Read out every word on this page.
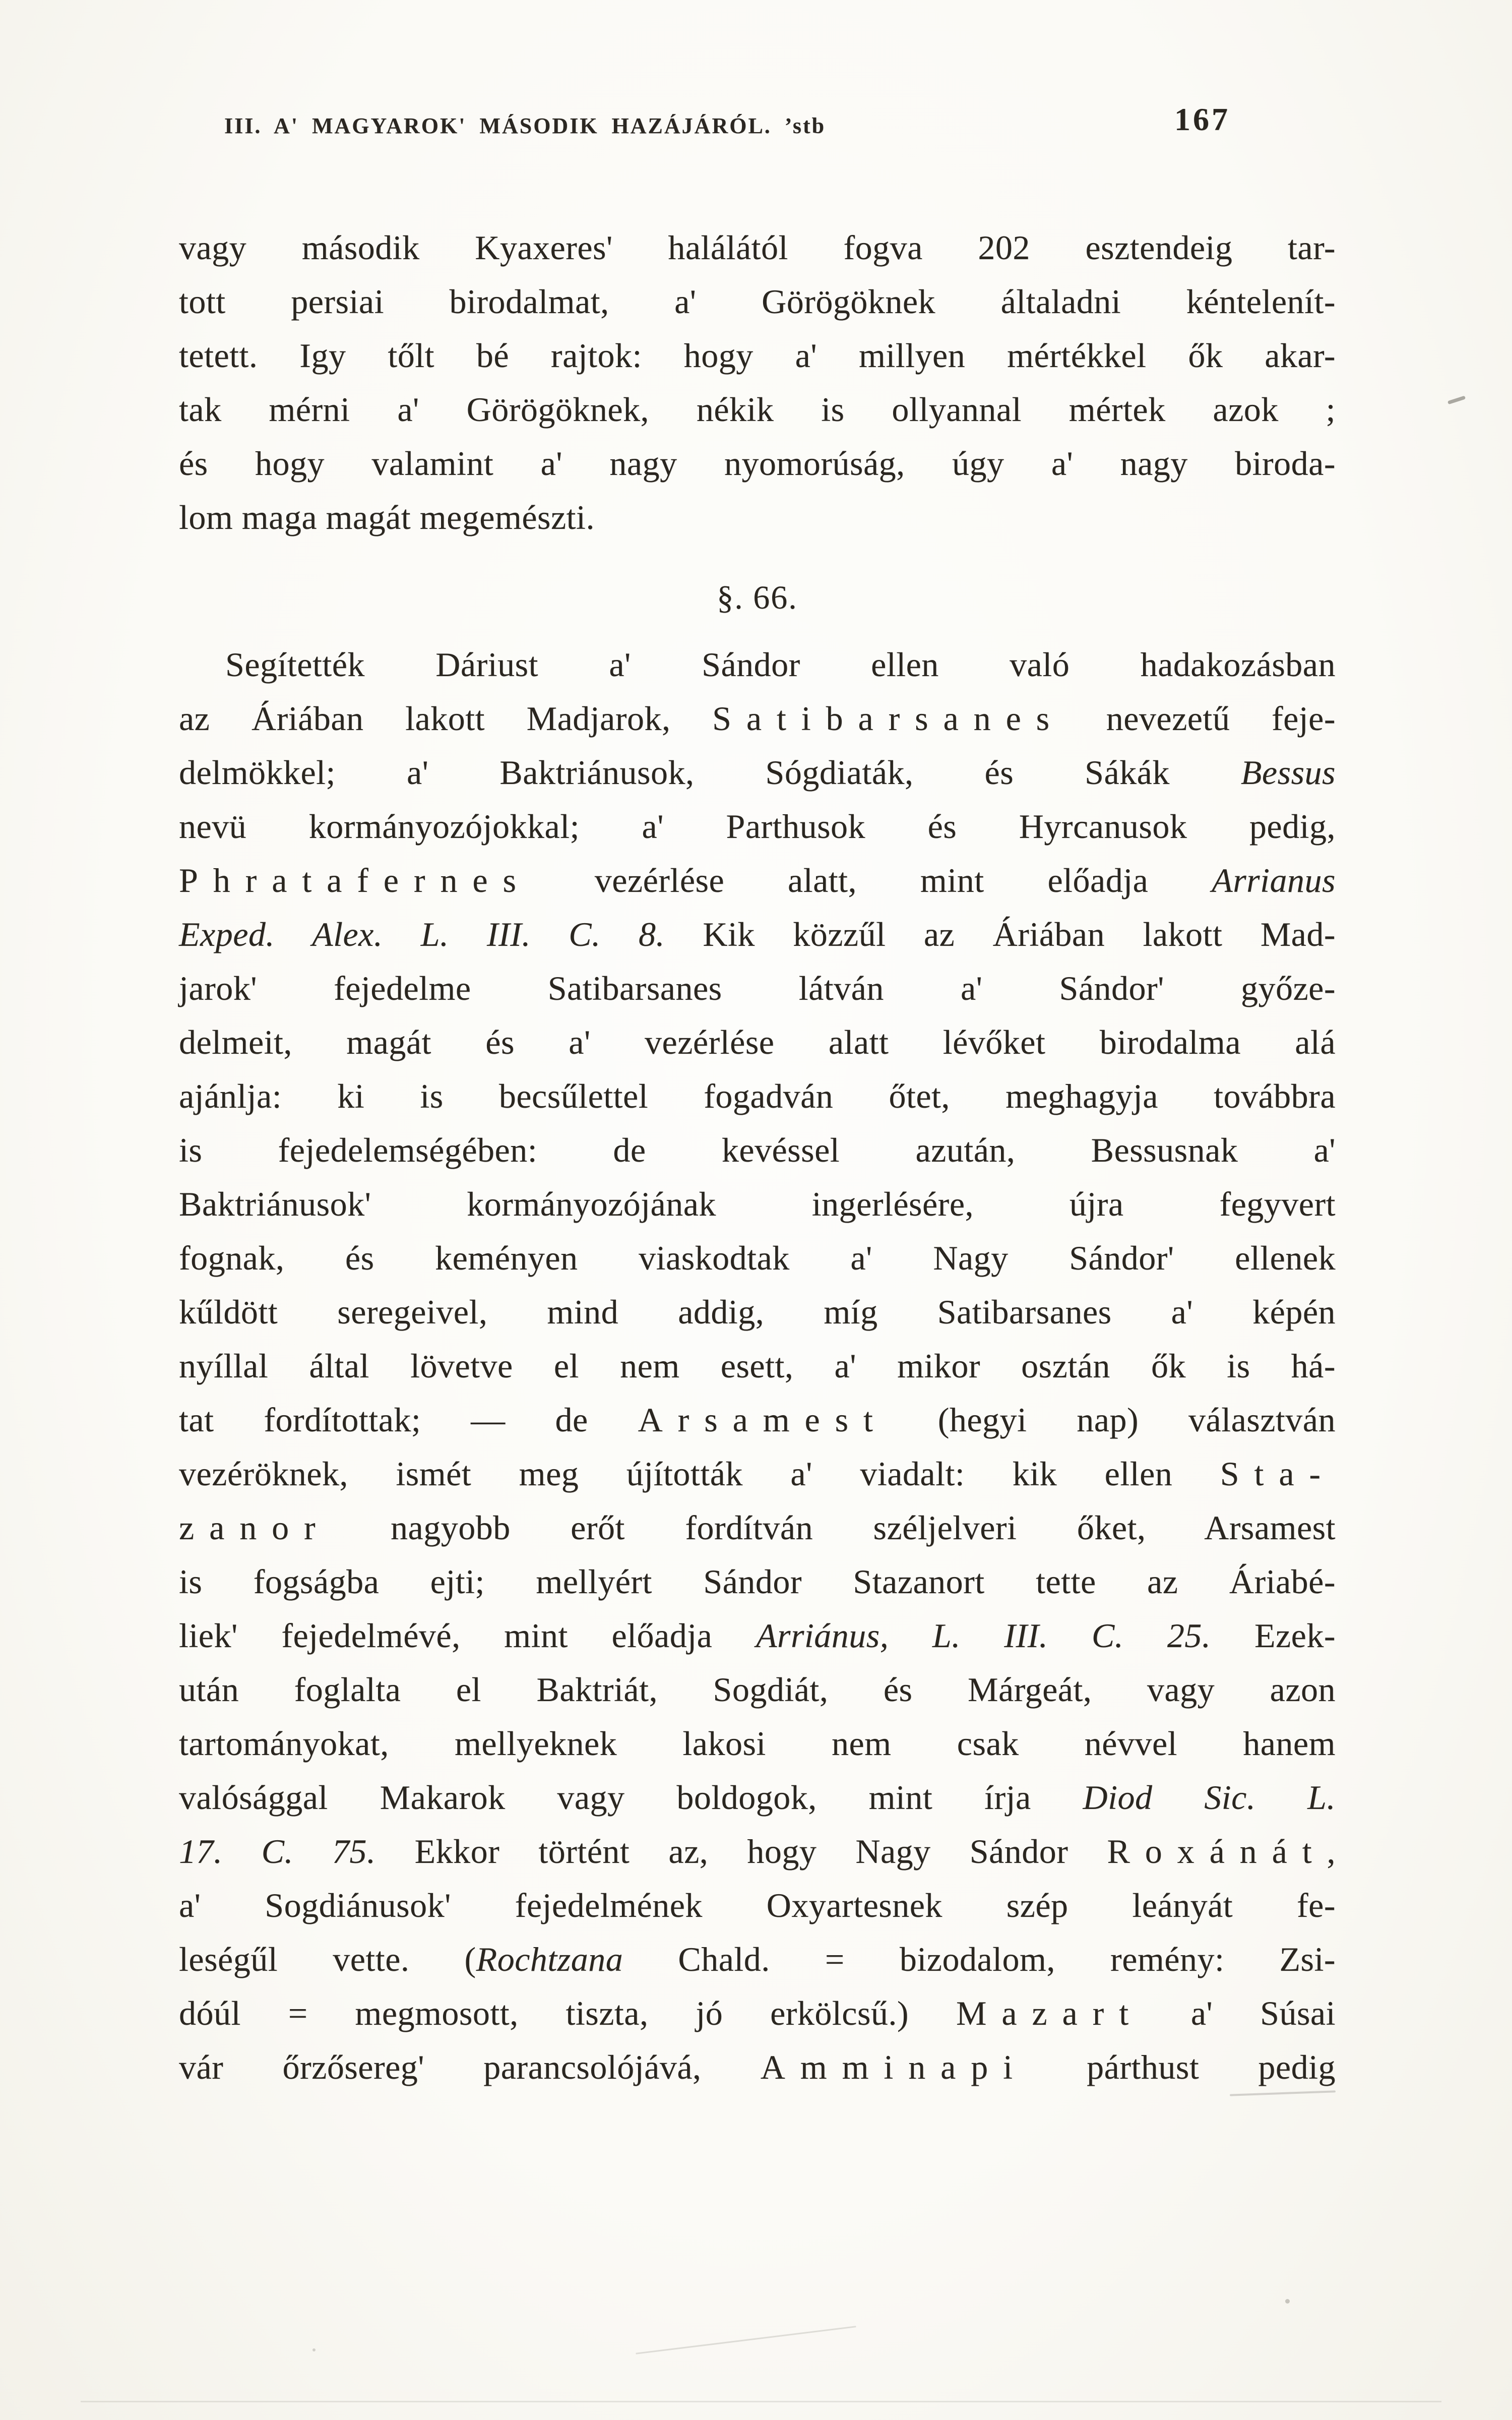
III. A' MAGYAROK' MÁSODIK HAZÁJÁRÓL. ’stb	167
vagy második Kyaxeres' halálától fogva 202 esztendeig tar-
tott persiai birodalmat, a' Görögöknek általadni kéntelenít-
tetett. Igy tőlt bé rajtok: hogy a' millyen mértékkel ők akar-
tak mérni a' Görögöknek, nékik is ollyannal mértek azok ;
és hogy valamint a' nagy nyomorúság, úgy a' nagy biroda-
lom maga magát megemészti.
§. 66.
Segítették Dáriust a' Sándor ellen való hadakozásban
az Áriában lakott Madjarok, Satibarsanes nevezetű feje-
delmökkel; a' Baktriánusok, Sógdiaták, és Sákák Bessus
nevü kormányozójokkal; a' Parthusok és Hyrcanusok pedig,
Phratafernes vezérlése alatt, mint előadja Arrianus
Exped. Alex. L. III. C. 8. Kik közzűl az Áriában lakott Mad-
jarok' fejedelme Satibarsanes látván a' Sándor' győze-
delmeit, magát és a' vezérlése alatt lévőket birodalma alá
ajánlja: ki is becsűlettel fogadván őtet, meghagyja továbbra
is fejedelemségében: de kevéssel azután, Bessusnak a'
Baktriánusok' kormányozójának ingerlésére, újra fegyvert
fognak, és keményen viaskodtak a' Nagy Sándor' ellenek
kűldött seregeivel, mind addig, míg Satibarsanes a' képén
nyíllal által lövetve el nem esett, a' mikor osztán ők is há-
tat fordítottak; — de Arsamest (hegyi nap) választván
vezéröknek, ismét meg újították a' viadalt: kik ellen Sta-
zanor nagyobb erőt fordítván széljelveri őket, Arsamest
is fogságba ejti; mellyért Sándor Stazanort tette az Áriabé-
liek' fejedelmévé, mint előadja Arriánus, L. III. C. 25. Ezek-
után foglalta el Baktriát, Sogdiát, és Márgeát, vagy azon
tartományokat, mellyeknek lakosi nem csak névvel hanem
valósággal Makarok vagy boldogok, mint írja Diod Sic. L.
17. C. 75. Ekkor történt az, hogy Nagy Sándor Roxánát,
a' Sogdiánusok' fejedelmének Oxyartesnek szép leányát fe-
leségűl vette. (Rochtzana Chald. = bizodalom, remény: Zsi-
dóúl = megmosott, tiszta, jó erkölcsű.) Mazart a' Súsai
vár őrzősereg' parancsolójává, Amminapi párthust pedig
